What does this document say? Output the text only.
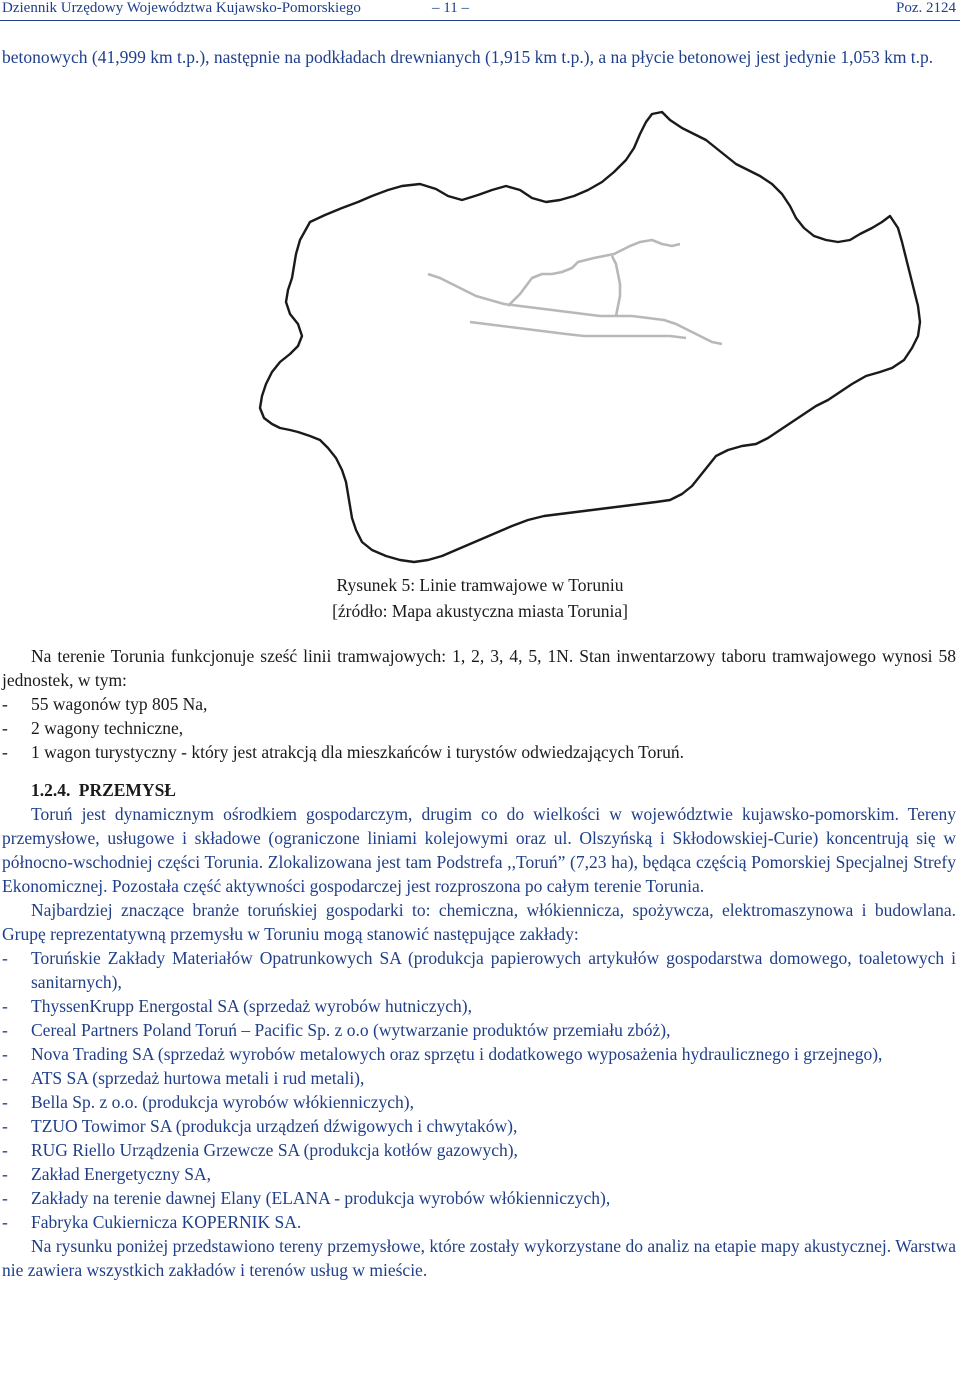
Dziennik Urzędowy Województwa Kujawsko-Pomorskiego	– 11 –	Poz. 2124
betonowych (41,999 km t.p.), następnie na podkładach drewnianych (1,915 km t.p.), a na płycie betonowej jest jedynie 1,053 km t.p.
Rysunek 5: Linie tramwajowe w Toruniu
[źródło: Mapa akustyczna miasta Torunia]

Na terenie Torunia funkcjonuje sześć linii tramwajowych: 1, 2, 3, 4, 5, 1N. Stan inwentarzowy taboru tramwajowego wynosi 58 jednostek, w tym:

-	55 wagonów typ 805 Na,
-	2 wagony techniczne,
-	1 wagon turystyczny - który jest atrakcją dla mieszkańców i turystów odwiedzających Toruń.
1.2.4. PRZEMYSŁ

Toruń jest dynamicznym ośrodkiem gospodarczym, drugim co do wielkości w województwie kujawsko-pomorskim. Tereny przemysłowe, usługowe i składowe (ograniczone liniami kolejowymi oraz ul. Olszyńską i Skłodowskiej-Curie) koncentrują się w północno-wschodniej części Torunia. Zlokalizowana jest tam Podstrefa ,,Toruń” (7,23 ha), będąca częścią Pomorskiej Specjalnej Strefy Ekonomicznej. Pozostała część aktywności gospodarczej jest rozproszona po całym terenie Torunia.

Najbardziej znaczące branże toruńskiej gospodarki to: chemiczna, włókiennicza, spożywcza, elektromaszynowa i budowlana. Grupę reprezentatywną przemysłu w Toruniu mogą stanowić następujące zakłady:

-	Toruńskie Zakłady Materiałów Opatrunkowych SA (produkcja papierowych artykułów gospodarstwa domowego, toaletowych i sanitarnych),
-	ThyssenKrupp Energostal SA (sprzedaż wyrobów hutniczych),
-	Cereal Partners Poland Toruń – Pacific Sp. z o.o (wytwarzanie produktów przemiału zbóż),
-	Nova Trading SA (sprzedaż wyrobów metalowych oraz sprzętu i dodatkowego wyposażenia hydraulicznego i grzejnego),
-	ATS SA (sprzedaż hurtowa metali i rud metali),
-	Bella Sp. z o.o. (produkcja wyrobów włókienniczych),
-	TZUO Towimor SA (produkcja urządzeń dźwigowych i chwytaków),
-	RUG Riello Urządzenia Grzewcze SA (produkcja kotłów gazowych),
-	Zakład Energetyczny SA,
-	Zakłady na terenie dawnej Elany (ELANA - produkcja wyrobów włókienniczych),
-	Fabryka Cukiernicza KOPERNIK SA.

Na rysunku poniżej przedstawiono tereny przemysłowe, które zostały wykorzystane do analiz na etapie mapy akustycznej. Warstwa nie zawiera wszystkich zakładów i terenów usług w mieście.
